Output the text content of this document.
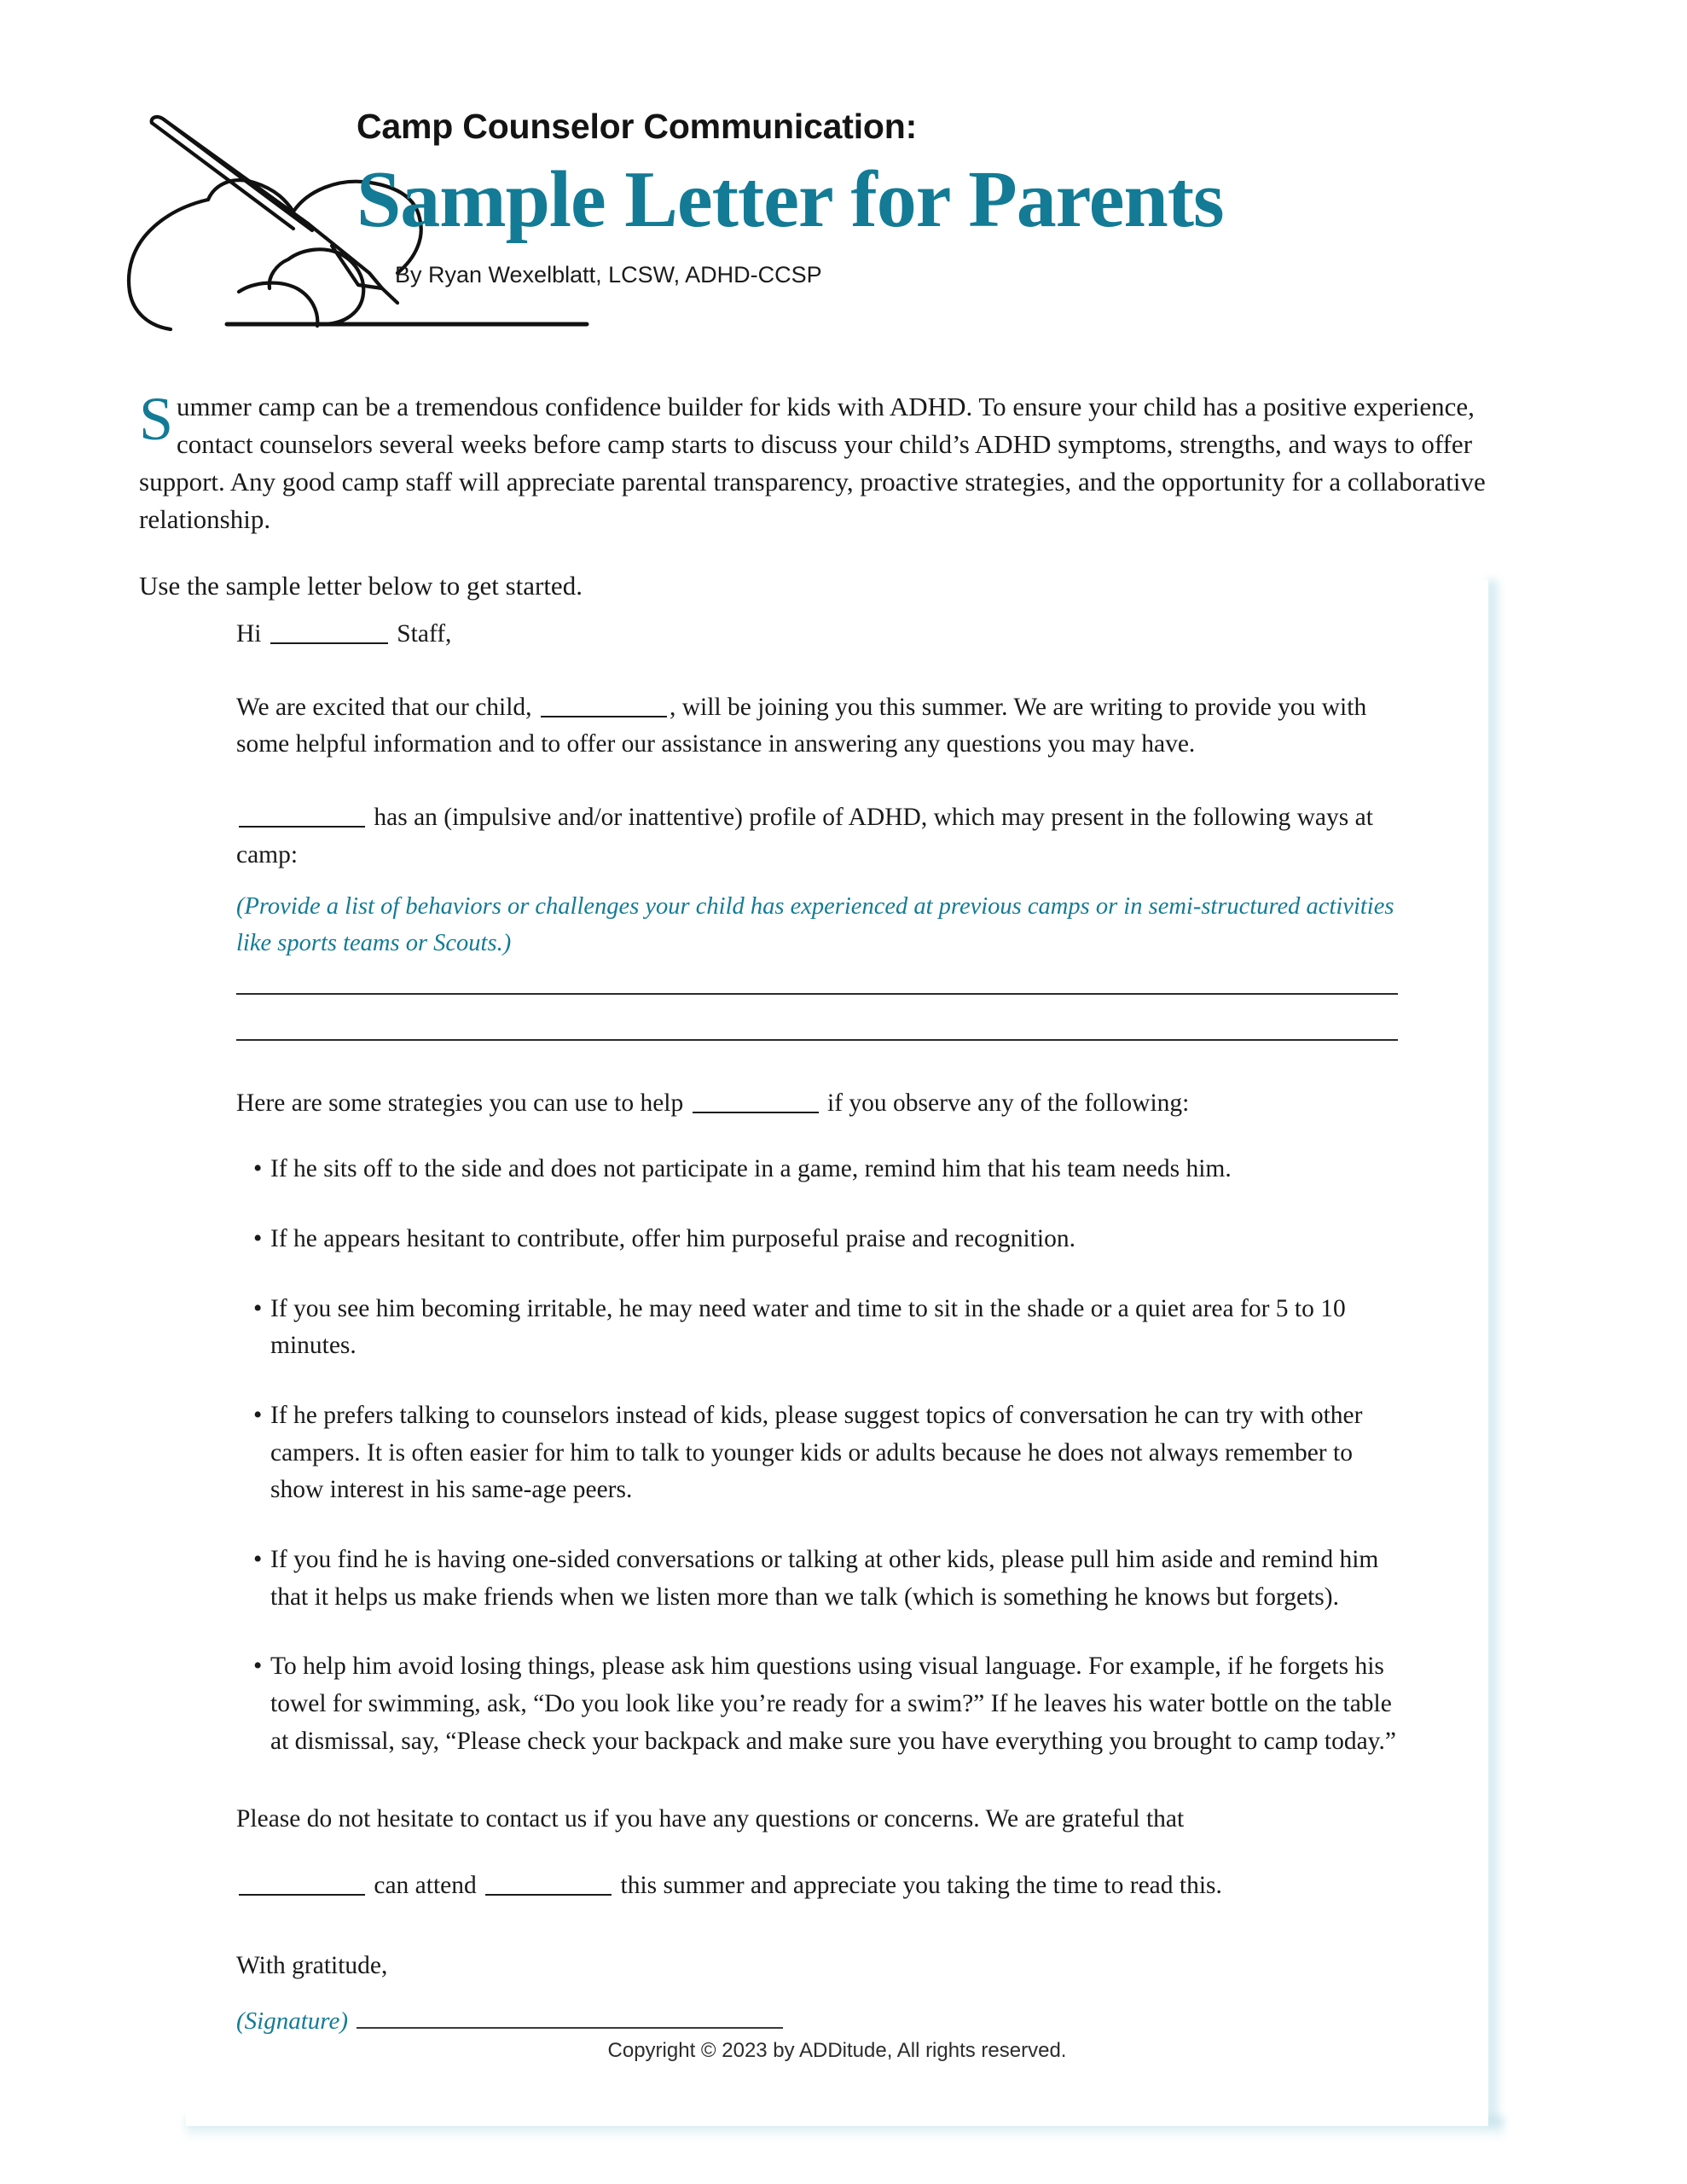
Camp Counselor Communication:

Sample Letter for Parents

By Ryan Wexelblatt, LCSW, ADHD-CCSP

Summer camp can be a tremendous confidence builder for kids with ADHD. To ensure your child has a positive experience, contact counselors several weeks before camp starts to discuss your child’s ADHD symptoms, strengths, and ways to offer support. Any good camp staff will appreciate parental transparency, proactive strategies, and the opportunity for a collaborative relationship.

Use the sample letter below to get started.

Hi	Staff,

We are excited that our child,	, will be joining you this summer. We are writing to provide you with some helpful information and to offer our assistance in answering any questions you may have.

has an (impulsive and/or inattentive) profile of ADHD, which may present in the following ways at camp:

(Provide a list of behaviors or challenges your child has experienced at previous camps or in semi-structured activities like sports teams or Scouts.)

Here are some strategies you can use to help	if you observe any of the following:

• If he sits off to the side and does not participate in a game, remind him that his team needs him.
• If he appears hesitant to contribute, offer him purposeful praise and recognition.
• If you see him becoming irritable, he may need water and time to sit in the shade or a quiet area for 5 to 10 minutes.
• If he prefers talking to counselors instead of kids, please suggest topics of conversation he can try with other campers. It is often easier for him to talk to younger kids or adults because he does not always remember to show interest in his same-age peers.
• If you find he is having one-sided conversations or talking at other kids, please pull him aside and remind him that it helps us make friends when we listen more than we talk (which is something he knows but forgets).
• To help him avoid losing things, please ask him questions using visual language. For example, if he forgets his towel for swimming, ask, “Do you look like you’re ready for a swim?” If he leaves his water bottle on the table at dismissal, say, “Please check your backpack and make sure you have everything you brought to camp today.”

Please do not hesitate to contact us if you have any questions or concerns. We are grateful that

can attend	this summer and appreciate you taking the time to read this.

With gratitude,

(Signature)

Copyright © 2023 by ADDitude, All rights reserved.
